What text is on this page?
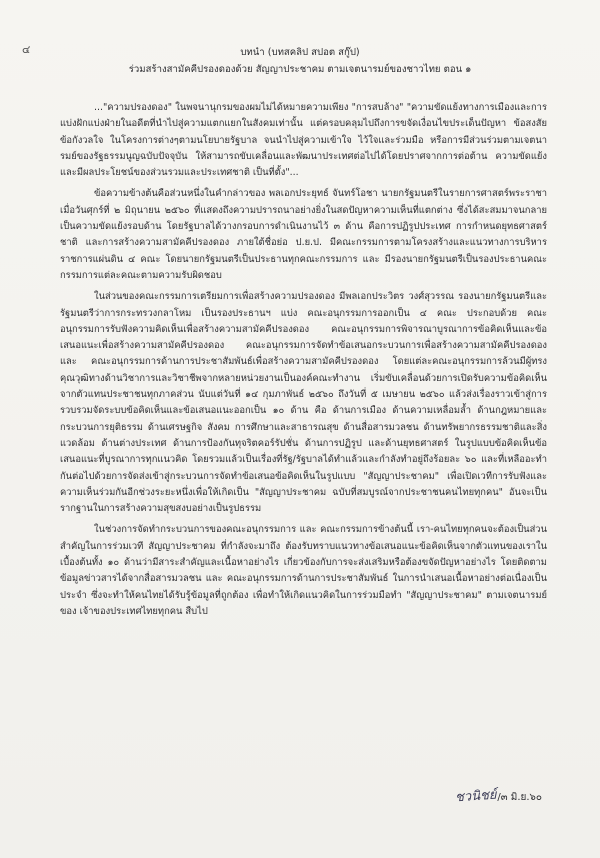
๔	บทนำ (บทสคลิป สปอต สกู๊ป)
ร่วมสร้างสามัคคีปรองดองด้วย สัญญาประชาคม ตามเจตนารมย์ของชาวไทย ตอน ๑

..."ความปรองดอง" ในพจนานุกรมของผมไม่ได้หมายความเพียง "การสบล้าง" "ความขัดแย้งทางการเมืองและการแบ่งฝักแบ่งฝ่ายในอดีตที่นำไปสู่ความแตกแยกในสังคมเท่านั้น แต่ครอบคลุมไปถึงการขจัดเงื่อนไขประเด็นปัญหา ข้อสงสัย ข้อกังวลใจ ในโครงการต่างๆตามนโยบายรัฐบาล จนนำไปสู่ความเข้าใจ ไว้ใจและร่วมมือ หรือการมีส่วนร่วมตามเจตนารมย์ของรัฐธรรมนูญฉบับปัจจุบัน ให้สามารถขับเคลื่อนและพัฒนาประเทศต่อไปได้โดยปราศจากการต่อต้าน ความขัดแย้ง และมีผลประโยชน์ของส่วนรวมและประเทศชาติ เป็นที่ตั้ง"...

ข้อความข้างต้นคือส่วนหนึ่งในคำกล่าวของ พลเอกประยุทธ์ จันทร์โอชา นายกรัฐมนตรีในรายการศาสตร์พระราชาเมื่อวันศุกร์ที่ ๒ มิถุนายน ๒๕๖๐ ที่แสดงถึงความปรารถนาอย่างยิ่งในสดปัญหาความเห็นที่แตกต่าง ซึ่งได้สะสมมาจนกลายเป็นความขัดแย้งรอบด้าน โดยรัฐบาลได้วางกรอบการดำเนินงานไว้ ๓ ด้าน คือการปฏิรูปประเทศ การกำหนดยุทธศาสตร์ชาติ และการสร้างความสามัคคีปรองดอง ภายใต้ชื่อย่อ ป.ย.ป. มีคณะกรรมการตามโครงสร้างและแนวทางการบริหารราชการแผ่นดิน ๔ คณะ โดยนายกรัฐมนตรีเป็นประธานทุกคณะกรรมการ และ มีรองนายกรัฐมนตรีเป็นรองประธานคณะกรรมการแต่ละคณะตามความรับผิดชอบ

ในส่วนของคณะกรรมการเตรียมการเพื่อสร้างความปรองดอง มีพลเอกประวิตร วงศ์สุวรรณ รองนายกรัฐมนตรีและรัฐมนตรีว่าการกระทรวงกลาโหม เป็นรองประธานฯ แบ่ง คณะอนุกรรมการออกเป็น ๔ คณะ ประกอบด้วย คณะอนุกรรมการรับฟังความคิดเห็นเพื่อสร้างความสามัคคีปรองดอง คณะอนุกรรมการพิจารณาบูรณาการข้อคิดเห็นและข้อเสนอแนะเพื่อสร้างความสามัคคีปรองดอง คณะอนุกรรมการจัดทำข้อเสนอกระบวนการเพื่อสร้างความสามัคคีปรองดอง และ คณะอนุกรรมการด้านการประชาสัมพันธ์เพื่อสร้างความสามัคคีปรองดอง โดยแต่ละคณะอนุกรรมการล้วนมีผู้ทรงคุณวุฒิทางด้านวิชาการและวิชาชีพจากหลายหน่วยงานเป็นองค์คณะทำงาน เริ่มขับเคลื่อนด้วยการเปิดรับความข้อคิดเห็นจากตัวแทนประชาชนทุกภาคส่วน นับแต่วันที่ ๑๔ กุมภาพันธ์ ๒๕๖๐ ถึงวันที่ ๕ เมษายน ๒๕๖๐ แล้วส่งเรื่องราวเข้าสู่การรวบรวมจัดระบบข้อคิดเห็นและข้อเสนอแนะออกเป็น ๑๐ ด้าน คือ ด้านการเมือง ด้านความเหลื่อมล้ำ ด้านกฎหมายและกระบวนการยุติธรรม ด้านเศรษฐกิจ สังคม การศึกษาและสาธารณสุข ด้านสื่อสารมวลชน ด้านทรัพยากรธรรมชาติและสิ่งแวดล้อม ด้านต่างประเทศ ด้านการป้องกันทุจริตคอร์รัปชั่น ด้านการปฏิรูป และด้านยุทธศาสตร์ ในรูปแบบข้อคิดเห็นข้อเสนอแนะที่บูรณาการทุกแนวคิด โดยรวมแล้วเป็นเรื่องที่รัฐ/รัฐบาลได้ทำแล้วและกำลังทำอยู่ถึงร้อยละ ๖๐ และที่เหลืออะทำกันต่อไปด้วยการจัดส่งเข้าสู่กระบวนการจัดทำข้อเสนอข้อคิดเห็นในรูปแบบ "สัญญาประชาคม" เพื่อเปิดเวทีการรับฟังและความเห็นร่วมกันอีกช่วงระยะหนึ่งเพื่อให้เกิดเป็น "สัญญาประชาคม ฉบับที่สมบูรณ์จากประชาชนคนไทยทุกคน" อันจะเป็นรากฐานในการสร้างความสุขสงบอย่างเป็นรูปธรรม

ในช่วงการจัดทำกระบวนการของคณะอนุกรรมการ และ คณะกรรมการข้างต้นนี้ เรา-คนไทยทุกคนจะต้องเป็นส่วนสำคัญในการร่วมเวที สัญญาประชาคม ที่กำลังจะมาถึง ต้องรับทราบแนวทางข้อเสนอแนะข้อคิดเห็นจากตัวแทนของเราในเบื้องต้นทั้ง ๑๐ ด้านว่ามีสาระสำคัญและเนื้อหาอย่างไร เกี่ยวข้องกับการจะส่งเสริมหรือต้องขจัดปัญหาอย่างไร โดยติดตามข้อมูลข่าวสารได้จากสื่อสารมวลชน และ คณะอนุกรรมการด้านการประชาสัมพันธ์ ในการนำเสนอเนื้อหาอย่างต่อเนื่องเป็นประจำ ซึ่งจะทำให้คนไทยได้รับรู้ข้อมูลที่ถูกต้อง เพื่อทำให้เกิดแนวคิดในการร่วมมือทำ "สัญญาประชาคม" ตามเจตนารมย์ ของ เจ้าของประเทศไทยทุกคน สืบไป

ชวนิชย์/๓ มิ.ย.๖๐
